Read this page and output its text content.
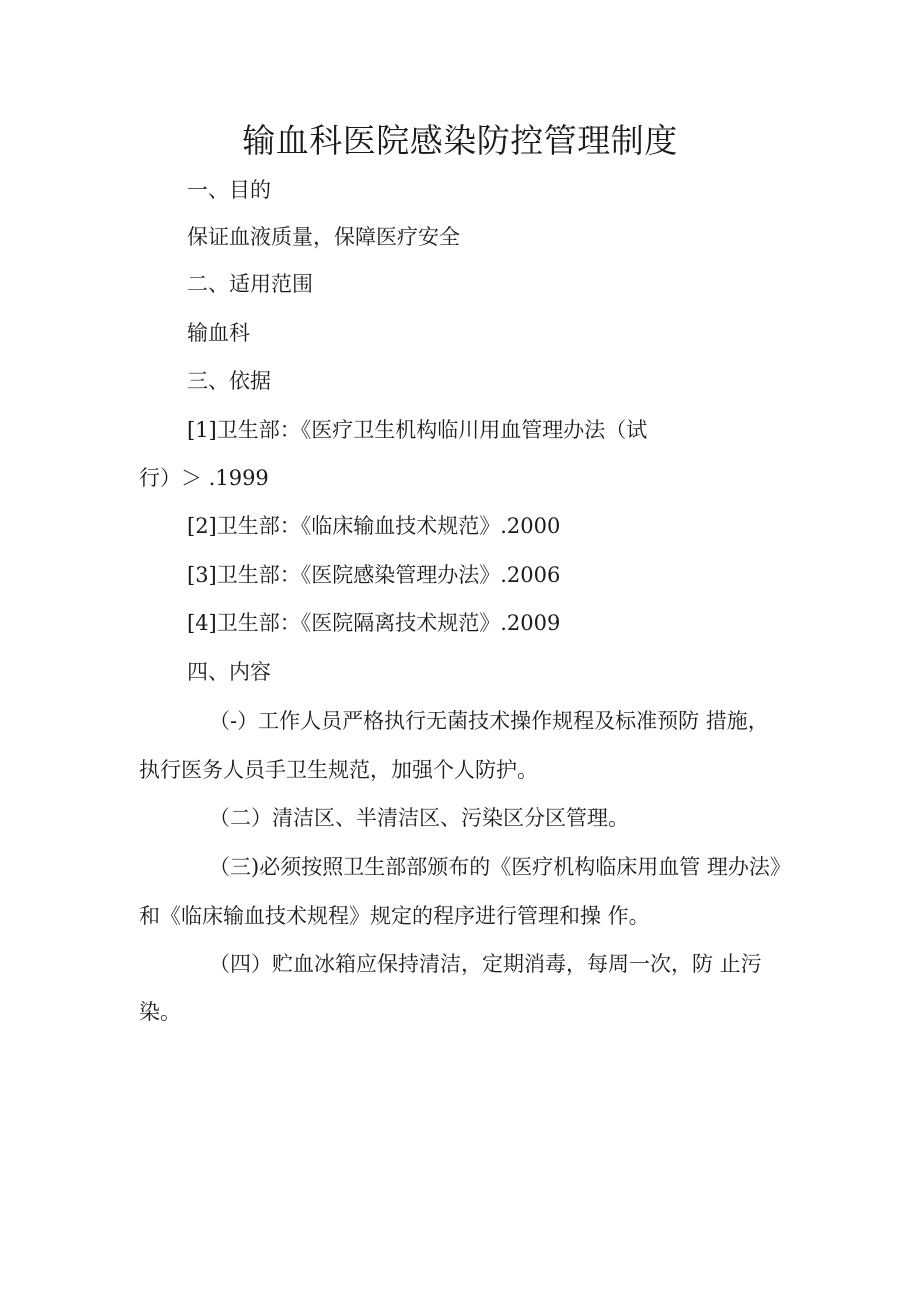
输血科医院感染防控管理制度
一、目的
保证血液质量，保障医疗安全
二、适用范围
输血科
三、依据
[1]卫生部：《医疗卫生机构临川用血管理办法（试
行）＞ .1999
[2]卫生部：《临床输血技术规范》.2000
[3]卫生部：《医院感染管理办法》.2006
[4]卫生部：《医院隔离技术规范》.2009
四、内容
（-）工作人员严格执行无菌技术操作规程及标准预防 措施，
执行医务人员手卫生规范，加强个人防护。
（二）清洁区、半清洁区、污染区分区管理。
（三)必须按照卫生部部颁布的《医疗机构临床用血管 理办法》
和《临床输血技术规程》规定的程序进行管理和操 作。
（四）贮血冰箱应保持清洁，定期消毒，每周一次，防 止污
染。
